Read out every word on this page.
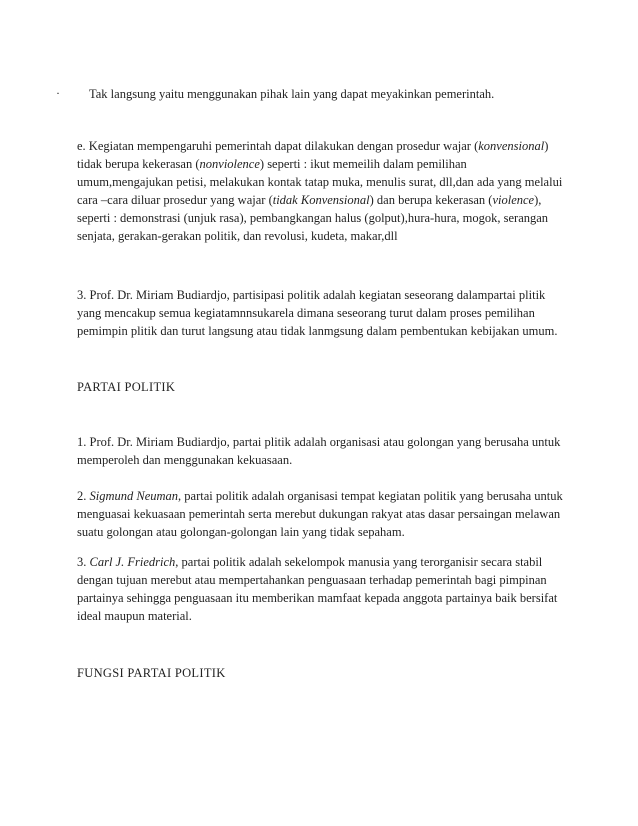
· Tak langsung yaitu menggunakan pihak lain yang dapat meyakinkan pemerintah.
e. Kegiatan mempengaruhi pemerintah dapat dilakukan dengan prosedur wajar (konvensional)
tidak berupa kekerasan (nonviolence) seperti : ikut memeilih dalam pemilihan
umum,mengajukan petisi, melakukan kontak tatap muka, menulis surat, dll,dan ada yang melalui
cara –cara diluar prosedur yang wajar (tidak Konvensional) dan berupa kekerasan (violence),
seperti : demonstrasi (unjuk rasa), pembangkangan halus (golput),hura-hura, mogok, serangan
senjata, gerakan-gerakan politik, dan revolusi, kudeta, makar,dll
3. Prof. Dr. Miriam Budiardjo, partisipasi politik adalah kegiatan seseorang dalampartai plitik
yang mencakup semua kegiatamnnsukarela dimana seseorang turut dalam proses pemilihan
pemimpin plitik dan turut langsung atau tidak lanmgsung dalam pembentukan kebijakan umum.
PARTAI POLITIK
1. Prof. Dr. Miriam Budiardjo, partai plitik adalah organisasi atau golongan yang berusaha untuk
memperoleh dan menggunakan kekuasaan.
2. Sigmund Neuman, partai politik adalah organisasi tempat kegiatan politik yang berusaha untuk
menguasai kekuasaan pemerintah serta merebut dukungan rakyat atas dasar persaingan melawan
suatu golongan atau golongan-golongan lain yang tidak sepaham.
3. Carl J. Friedrich, partai politik adalah sekelompok manusia yang terorganisir secara stabil
dengan tujuan merebut atau mempertahankan penguasaan terhadap pemerintah bagi pimpinan
partainya sehingga penguasaan itu memberikan mamfaat kepada anggota partainya baik bersifat
ideal maupun material.
FUNGSI PARTAI POLITIK
